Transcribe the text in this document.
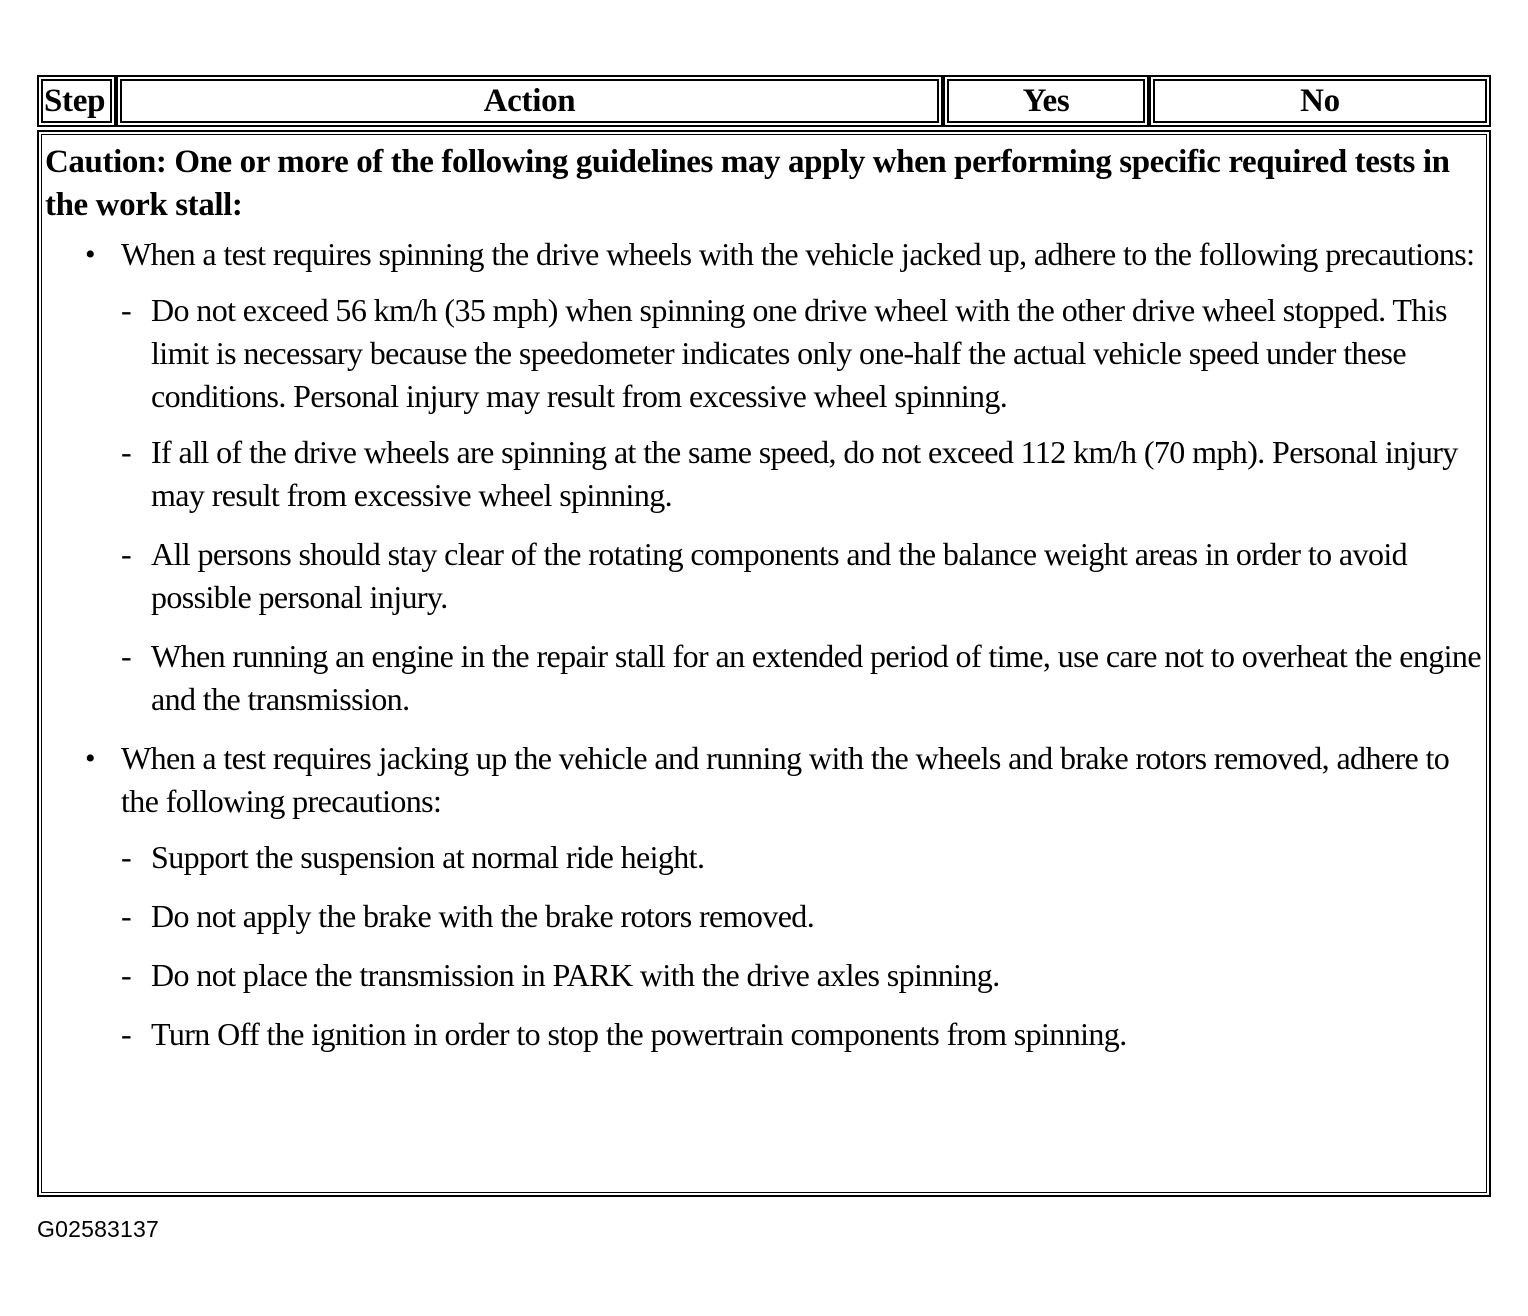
Step	Action	Yes	No

Caution: One or more of the following guidelines may apply when performing specific required tests in the work stall:

• When a test requires spinning the drive wheels with the vehicle jacked up, adhere to the following precautions:
- Do not exceed 56 km/h (35 mph) when spinning one drive wheel with the other drive wheel stopped. This limit is necessary because the speedometer indicates only one-half the actual vehicle speed under these conditions. Personal injury may result from excessive wheel spinning.
- If all of the drive wheels are spinning at the same speed, do not exceed 112 km/h (70 mph). Personal injury may result from excessive wheel spinning.
- All persons should stay clear of the rotating components and the balance weight areas in order to avoid possible personal injury.
- When running an engine in the repair stall for an extended period of time, use care not to overheat the engine and the transmission.
• When a test requires jacking up the vehicle and running with the wheels and brake rotors removed, adhere to the following precautions:
- Support the suspension at normal ride height.
- Do not apply the brake with the brake rotors removed.
- Do not place the transmission in PARK with the drive axles spinning.
- Turn Off the ignition in order to stop the powertrain components from spinning.
G02583137
